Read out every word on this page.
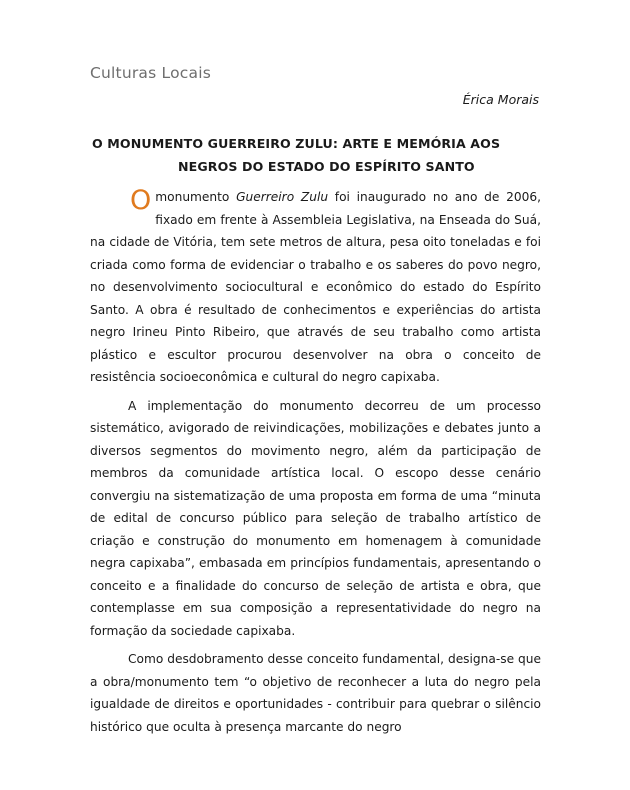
Culturas Locais
Érica Morais
O MONUMENTO GUERREIRO ZULU: ARTE E MEMÓRIA AOS
NEGROS DO ESTADO DO ESPÍRITO SANTO

O monumento Guerreiro Zulu foi inaugurado no ano de 2006, fixado em frente à Assembleia Legislativa, na Enseada do Suá, na cidade de Vitória, tem sete metros de altura, pesa oito toneladas e foi criada como forma de evidenciar o trabalho e os saberes do povo negro, no desenvolvimento sociocultural e econômico do estado do Espírito Santo. A obra é resultado de conhecimentos e experiências do artista negro Irineu Pinto Ribeiro, que através de seu trabalho como artista plástico e escultor procurou desenvolver na obra o conceito de resistência socioeconômica e cultural do negro capixaba.

A implementação do monumento decorreu de um processo sistemático, avigorado de reivindicações, mobilizações e debates junto a diversos segmentos do movimento negro, além da participação de membros da comunidade artística local. O escopo desse cenário convergiu na sistematização de uma proposta em forma de uma “minuta de edital de concurso público para seleção de trabalho artístico de criação e construção do monumento em homenagem à comunidade negra capixaba”, embasada em princípios fundamentais, apresentando o conceito e a finalidade do concurso de seleção de artista e obra, que contemplasse em sua composição a representatividade do negro na formação da sociedade capixaba.

Como desdobramento desse conceito fundamental, designa-se que a obra/monumento tem “o objetivo de reconhecer a luta do negro pela igualdade de direitos e oportunidades - contribuir para quebrar o silêncio histórico que oculta à presença marcante do negro
